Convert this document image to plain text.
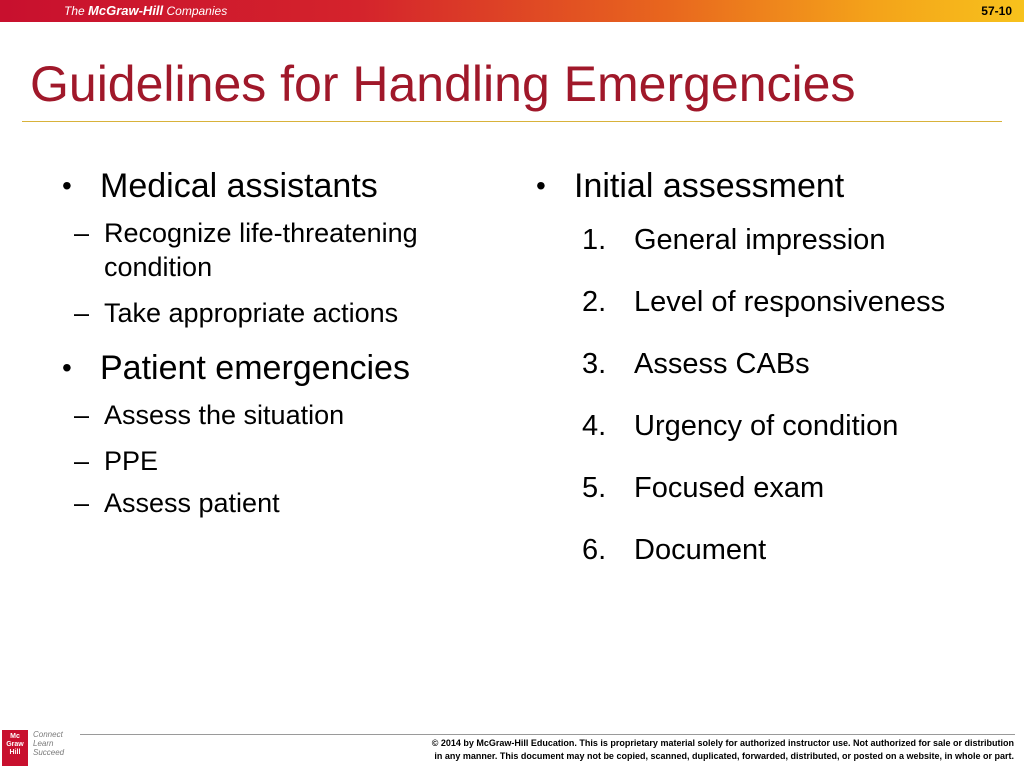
The McGraw-Hill Companies	57-10
Guidelines for Handling Emergencies
• Medical assistants
– Recognize life-threatening condition
– Take appropriate actions
• Patient emergencies
– Assess the situation
– PPE
– Assess patient
• Initial assessment
1. General impression
2. Level of responsiveness
3. Assess CABs
4. Urgency of condition
5. Focused exam
6. Document
Mc Graw Hill
Connect
Learn
Succeed
© 2014 by McGraw-Hill Education. This is proprietary material solely for authorized instructor use. Not authorized for sale or distribution
in any manner. This document may not be copied, scanned, duplicated, forwarded, distributed, or posted on a website, in whole or part.
